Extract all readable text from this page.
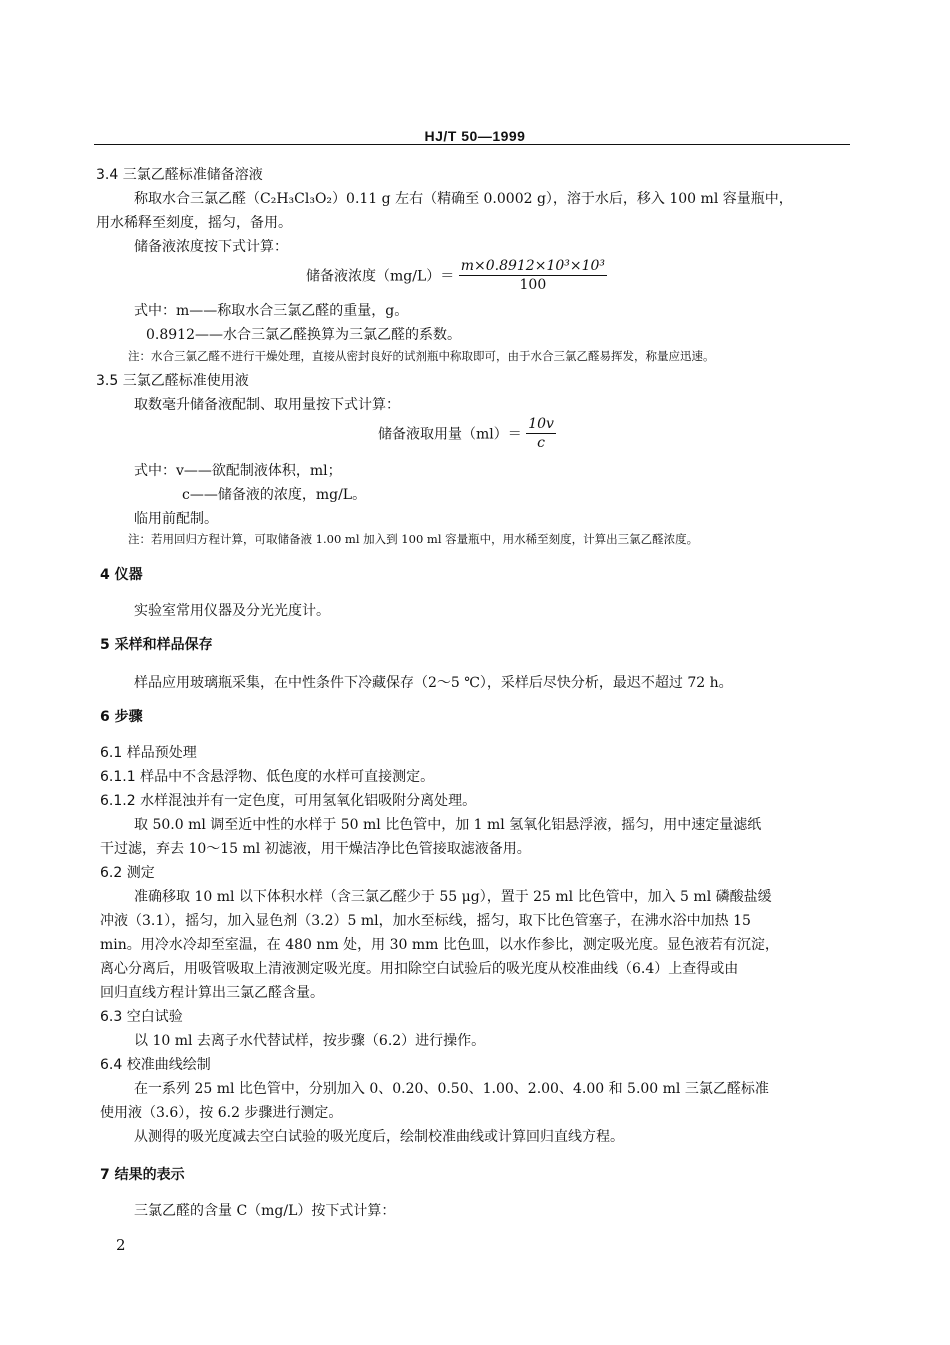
HJ/T 50—1999
3.4 三氯乙醛标准储备溶液
称取水合三氯乙醛（C₂H₃Cl₃O₂）0.11 g 左右（精确至 0.0002 g），溶于水后，移入 100 ml 容量瓶中，
用水稀释至刻度，摇匀，备用。
储备液浓度按下式计算：
储备液浓度$(mg/L)= \frac{\text{m×0.8912×10³×10³}}{100}$
式中：m——称取水合三氯乙醛的重量，g。
0.8912——水合三氯乙醛换算为三氯乙醛的系数。
注：水合三氯乙醛不进行干燥处理，直接从密封良好的试剂瓶中称取即可，由于水合三氯乙醛易挥发，称量应迅速。
3.5 三氯乙醛标准使用液
取数毫升储备液配制、取用量按下式计算：
储备液取用量$(ml)= \frac{10v}{c}$
式中：v——欲配制液体积，ml；
c——储备液的浓度，mg/L。
临用前配制。
注：若用回归方程计算，可取储备液 1.00 ml 加入到 100 ml 容量瓶中，用水稀至刻度，计算出三氯乙醛浓度。
4 仪器
实验室常用仪器及分光光度计。
5 采样和样品保存
样品应用玻璃瓶采集，在中性条件下冷藏保存（2～5 ℃），采样后尽快分析，最迟不超过 72 h。
6 步骤
6.1 样品预处理
6.1.1 样品中不含悬浮物、低色度的水样可直接测定。
6.1.2 水样混浊并有一定色度，可用氢氧化铝吸附分离处理。
取 50.0 ml 调至近中性的水样于 50 ml 比色管中，加 1 ml 氢氧化铝悬浮液，摇匀，用中速定量滤纸
干过滤，弃去 10～15 ml 初滤液，用干燥洁净比色管接取滤液备用。
6.2 测定
准确移取 10 ml 以下体积水样（含三氯乙醛少于 55 μg），置于 25 ml 比色管中，加入 5 ml 磷酸盐缓
冲液（3.1），摇匀，加入显色剂（3.2）5 ml，加水至标线，摇匀，取下比色管塞子，在沸水浴中加热 15
min。用冷水冷却至室温，在 480 nm 处，用 30 mm 比色皿，以水作参比，测定吸光度。显色液若有沉淀，
离心分离后，用吸管吸取上清液测定吸光度。用扣除空白试验后的吸光度从校准曲线（6.4）上查得或由
回归直线方程计算出三氯乙醛含量。
6.3 空白试验
以 10 ml 去离子水代替试样，按步骤（6.2）进行操作。
6.4 校准曲线绘制
在一系列 25 ml 比色管中，分别加入 0、0.20、0.50、1.00、2.00、4.00 和 5.00 ml 三氯乙醛标准
使用液（3.6），按 6.2 步骤进行测定。
从测得的吸光度减去空白试验的吸光度后，绘制校准曲线或计算回归直线方程。
7 结果的表示
三氯乙醛的含量 C（mg/L）按下式计算：
2
